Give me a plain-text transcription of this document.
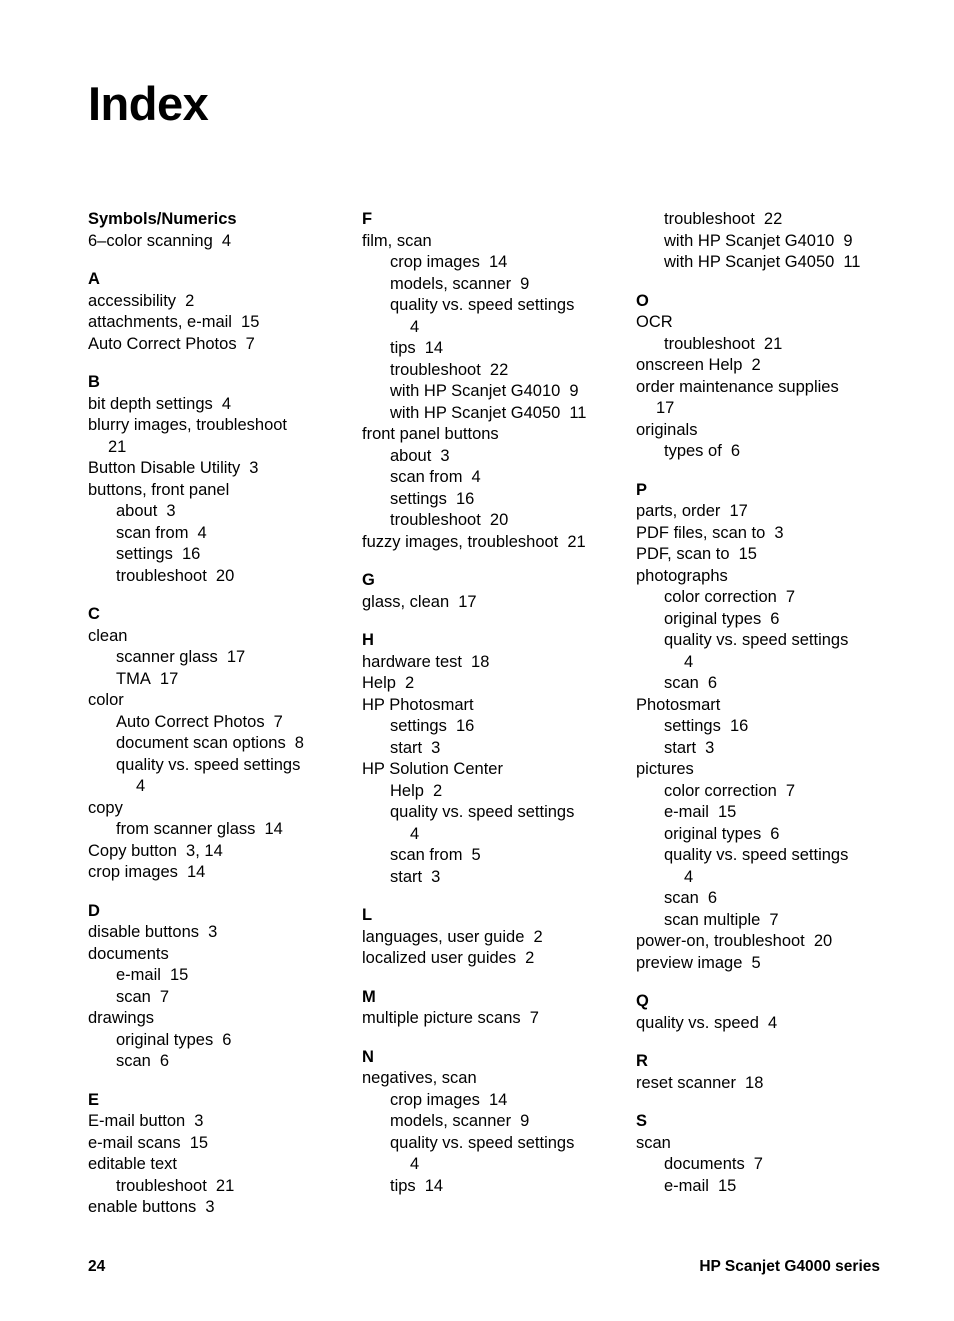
Index
Symbols/Numerics
6–color scanning 4
A
accessibility 2
attachments, e-mail 15
Auto Correct Photos 7
B
bit depth settings 4
blurry images, troubleshoot
21
Button Disable Utility 3
buttons, front panel
about 3
scan from 4
settings 16
troubleshoot 20
C
clean
scanner glass 17
TMA 17
color
Auto Correct Photos 7
document scan options 8
quality vs. speed settings
4
copy
from scanner glass 14
Copy button 3, 14
crop images 14
D
disable buttons 3
documents
e-mail 15
scan 7
drawings
original types 6
scan 6
E
E-mail button 3
e-mail scans 15
editable text
troubleshoot 21
enable buttons 3
F
film, scan
crop images 14
models, scanner 9
quality vs. speed settings
4
tips 14
troubleshoot 22
with HP Scanjet G4010 9
with HP Scanjet G4050 11
front panel buttons
about 3
scan from 4
settings 16
troubleshoot 20
fuzzy images, troubleshoot 21
G
glass, clean 17
H
hardware test 18
Help 2
HP Photosmart
settings 16
start 3
HP Solution Center
Help 2
quality vs. speed settings
4
scan from 5
start 3
L
languages, user guide 2
localized user guides 2
M
multiple picture scans 7
N
negatives, scan
crop images 14
models, scanner 9
quality vs. speed settings
4
tips 14
troubleshoot 22
with HP Scanjet G4010 9
with HP Scanjet G4050 11
O
OCR
troubleshoot 21
onscreen Help 2
order maintenance supplies
17
originals
types of 6
P
parts, order 17
PDF files, scan to 3
PDF, scan to 15
photographs
color correction 7
original types 6
quality vs. speed settings
4
scan 6
Photosmart
settings 16
start 3
pictures
color correction 7
e-mail 15
original types 6
quality vs. speed settings
4
scan 6
scan multiple 7
power-on, troubleshoot 20
preview image 5
Q
quality vs. speed 4
R
reset scanner 18
S
scan
documents 7
e-mail 15
24	HP Scanjet G4000 series
